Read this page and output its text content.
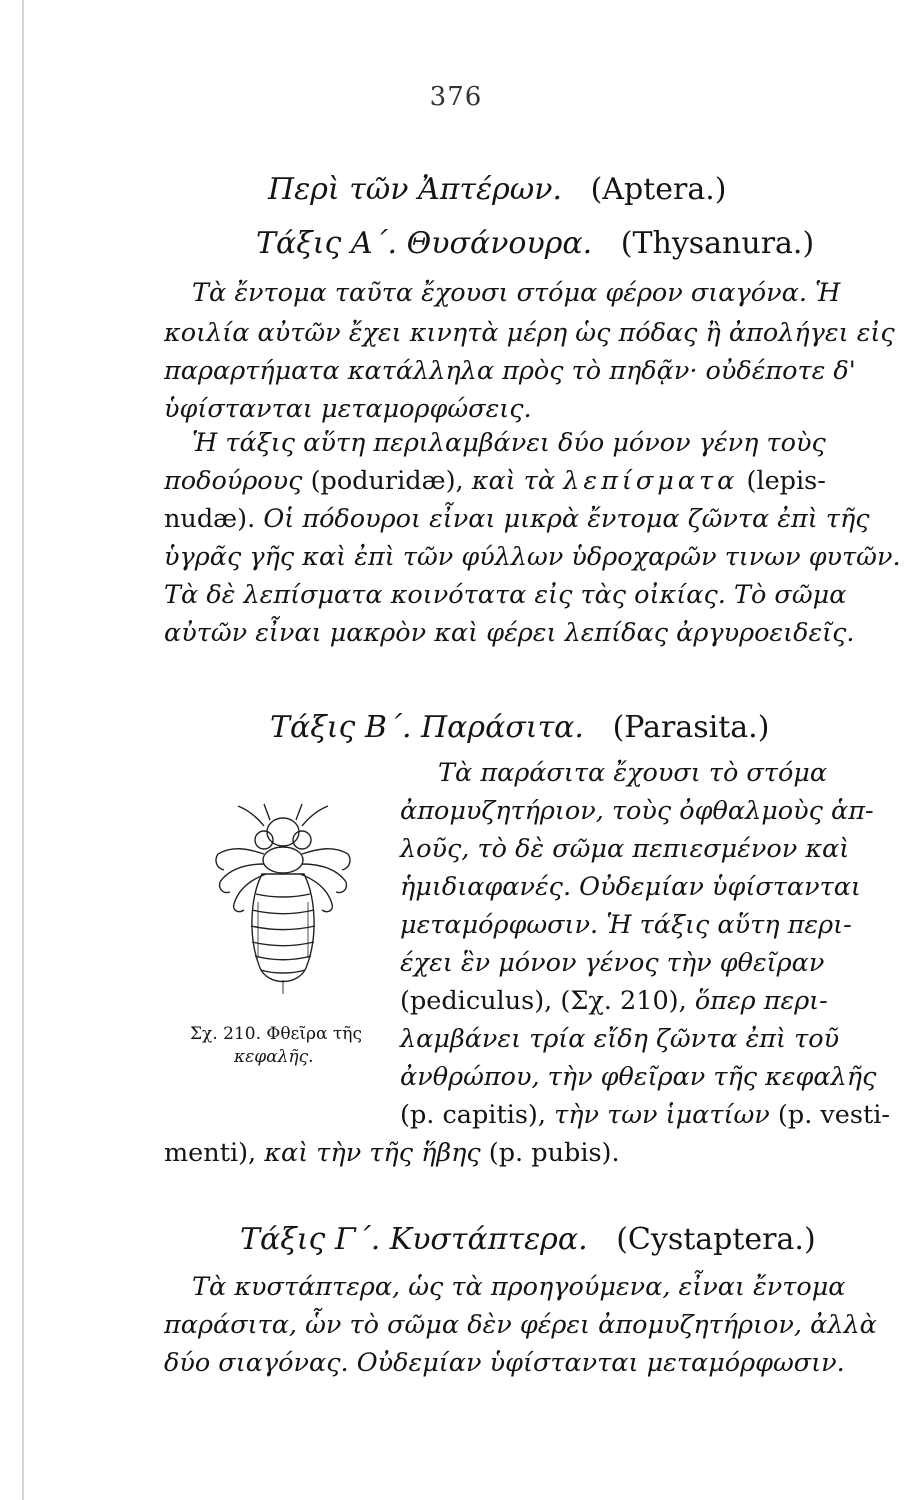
376
Περὶ τῶν Ἀπτέρων. (Aptera.)
Τάξις Α΄. Θυσάνουρα. (Thysanura.)
Τὰ ἔντομα ταῦτα ἔχουσι στόμα φέρον σιαγόνα. Ἡ
κοιλία αὐτῶν ἔχει κινητὰ μέρη ὡς πόδας ἢ ἀπολήγει εἰς
παραρτήματα κατάλληλα πρὸς τὸ πηδᾷν· οὐδέποτε δ'
ὑφίστανται μεταμορφώσεις.
Ἡ τάξις αὕτη περιλαμβάνει δύο μόνον γένη τοὺς
ποδούρους (poduridæ), καὶ τὰ λεπίσματα (lepis-
nudæ). Οἱ πόδουροι εἶναι μικρὰ ἔντομα ζῶντα ἐπὶ τῆς
ὑγρᾶς γῆς καὶ ἐπὶ τῶν φύλλων ὑδροχαρῶν τινων φυτῶν.
Τὰ δὲ λεπίσματα κοινότατα εἰς τὰς οἰκίας. Τὸ σῶμα
αὐτῶν εἶναι μακρὸν καὶ φέρει λεπίδας ἀργυροειδεῖς.
Τάξις Β΄. Παράσιτα. (Parasita.)
Σχ. 210. Φθεῖρα τῆς
κεφαλῆς.
Τὰ παράσιτα ἔχουσι τὸ στόμα
ἀπομυζητήριον, τοὺς ὀφθαλμοὺς ἁπ-
λοῦς, τὸ δὲ σῶμα πεπιεσμένον καὶ
ἡμιδιαφανές. Οὐδεμίαν ὑφίστανται
μεταμόρφωσιν. Ἡ τάξις αὕτη περι-
έχει ἓν μόνον γένος τὴν φθεῖραν
(pediculus), (Σχ. 210), ὅπερ περι-
λαμβάνει τρία εἴδη ζῶντα ἐπὶ τοῦ
ἀνθρώπου, τὴν φθεῖραν τῆς κεφαλῆς
(p. capitis), τὴν των ἱματίων (p. vesti-
menti), καὶ τὴν τῆς ἥβης (p. pubis).
Τάξις Γ΄. Κυστάπτερα. (Cystaptera.)
Τὰ κυστάπτερα, ὡς τὰ προηγούμενα, εἶναι ἔντομα
παράσιτα, ὧν τὸ σῶμα δὲν φέρει ἀπομυζητήριον, ἀλλὰ
δύο σιαγόνας. Οὐδεμίαν ὑφίστανται μεταμόρφωσιν.
